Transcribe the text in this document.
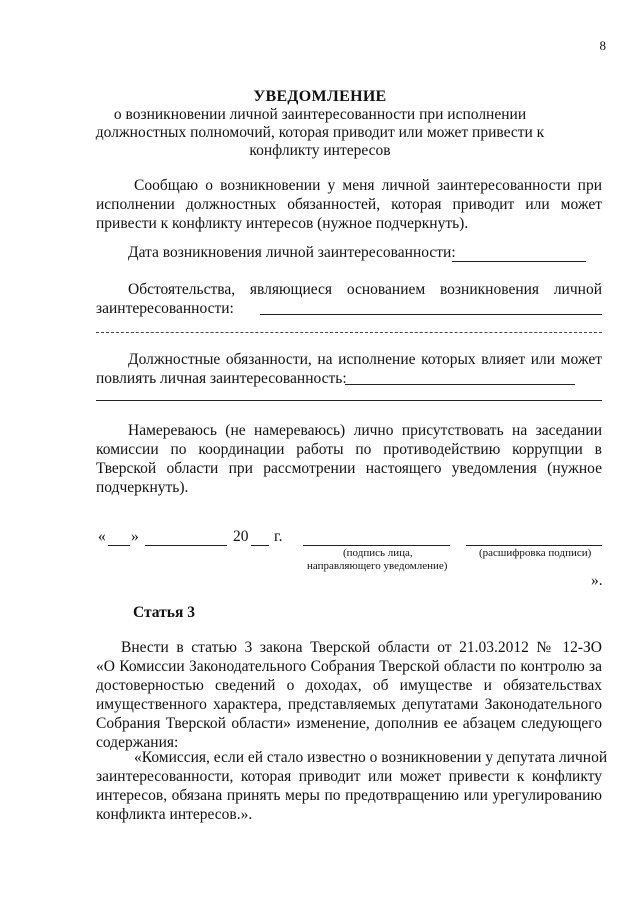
8
УВЕДОМЛЕНИЕ
о возникновении личной заинтересованности при исполнении
должностных полномочий, которая приводит или может привести к
конфликту интересов
Сообщаю о возникновении у меня личной заинтересованности при
исполнении должностных обязанностей, которая приводит или может
привести к конфликту интересов (нужное подчеркнуть).
Дата возникновения личной заинтересованности:
Обстоятельства, являющиеся основанием возникновения личной
заинтересованности:
Должностные обязанности, на исполнение которых влияет или может
повлиять личная заинтересованность:
Намереваюсь (не намереваюсь) лично присутствовать на заседании
комиссии по координации работы по противодействию коррупции в
Тверской области при рассмотрении настоящего уведомления (нужное
подчеркнуть).
« »	20 г.
(подпись лица,
направляющего уведомление)
(расшифровка подписи)
».
Статья 3
Внести в статью 3 закона Тверской области от 21.03.2012 № 12-ЗО
«О Комиссии Законодательного Собрания Тверской области по контролю за
достоверностью сведений о доходах, об имуществе и обязательствах
имущественного характера, представляемых депутатами Законодательного
Собрания Тверской области» изменение, дополнив ее абзацем следующего
содержания:
«Комиссия, если ей стало известно о возникновении у депутата личной
заинтересованности, которая приводит или может привести к конфликту
интересов, обязана принять меры по предотвращению или урегулированию
конфликта интересов.».
